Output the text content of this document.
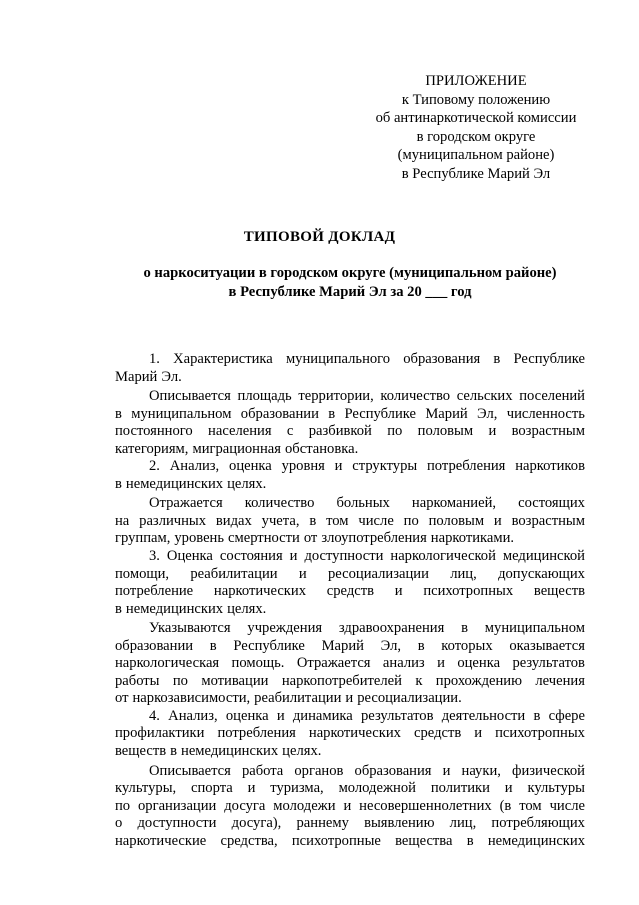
ПРИЛОЖЕНИЕ
к Типовому положению
об антинаркотической комиссии
в городском округе
(муниципальном районе)
в Республике Марий Эл
ТИПОВОЙ ДОКЛАД
о наркоситуации в городском округе (муниципальном районе)
в Республике Марий Эл за 20 ___ год
1. Характеристика муниципального образования в Республике
Марий Эл.
Описывается площадь территории, количество сельских поселений
в муниципальном образовании в Республике Марий Эл, численность
постоянного населения с разбивкой по половым и возрастным
категориям, миграционная обстановка.
2. Анализ, оценка уровня и структуры потребления наркотиков
в немедицинских целях.
Отражается количество больных наркоманией, состоящих
на различных видах учета, в том числе по половым и возрастным
группам, уровень смертности от злоупотребления наркотиками.
3. Оценка состояния и доступности наркологической медицинской
помощи, реабилитации и ресоциализации лиц, допускающих
потребление наркотических средств и психотропных веществ
в немедицинских целях.
Указываются учреждения здравоохранения в муниципальном
образовании в Республике Марий Эл, в которых оказывается
наркологическая помощь. Отражается анализ и оценка результатов
работы по мотивации наркопотребителей к прохождению лечения
от наркозависимости, реабилитации и ресоциализации.
4. Анализ, оценка и динамика результатов деятельности в сфере
профилактики потребления наркотических средств и психотропных
веществ в немедицинских целях.
Описывается работа органов образования и науки, физической
культуры, спорта и туризма, молодежной политики и культуры
по организации досуга молодежи и несовершеннолетних (в том числе
о доступности досуга), раннему выявлению лиц, потребляющих
наркотические средства, психотропные вещества в немедицинских
